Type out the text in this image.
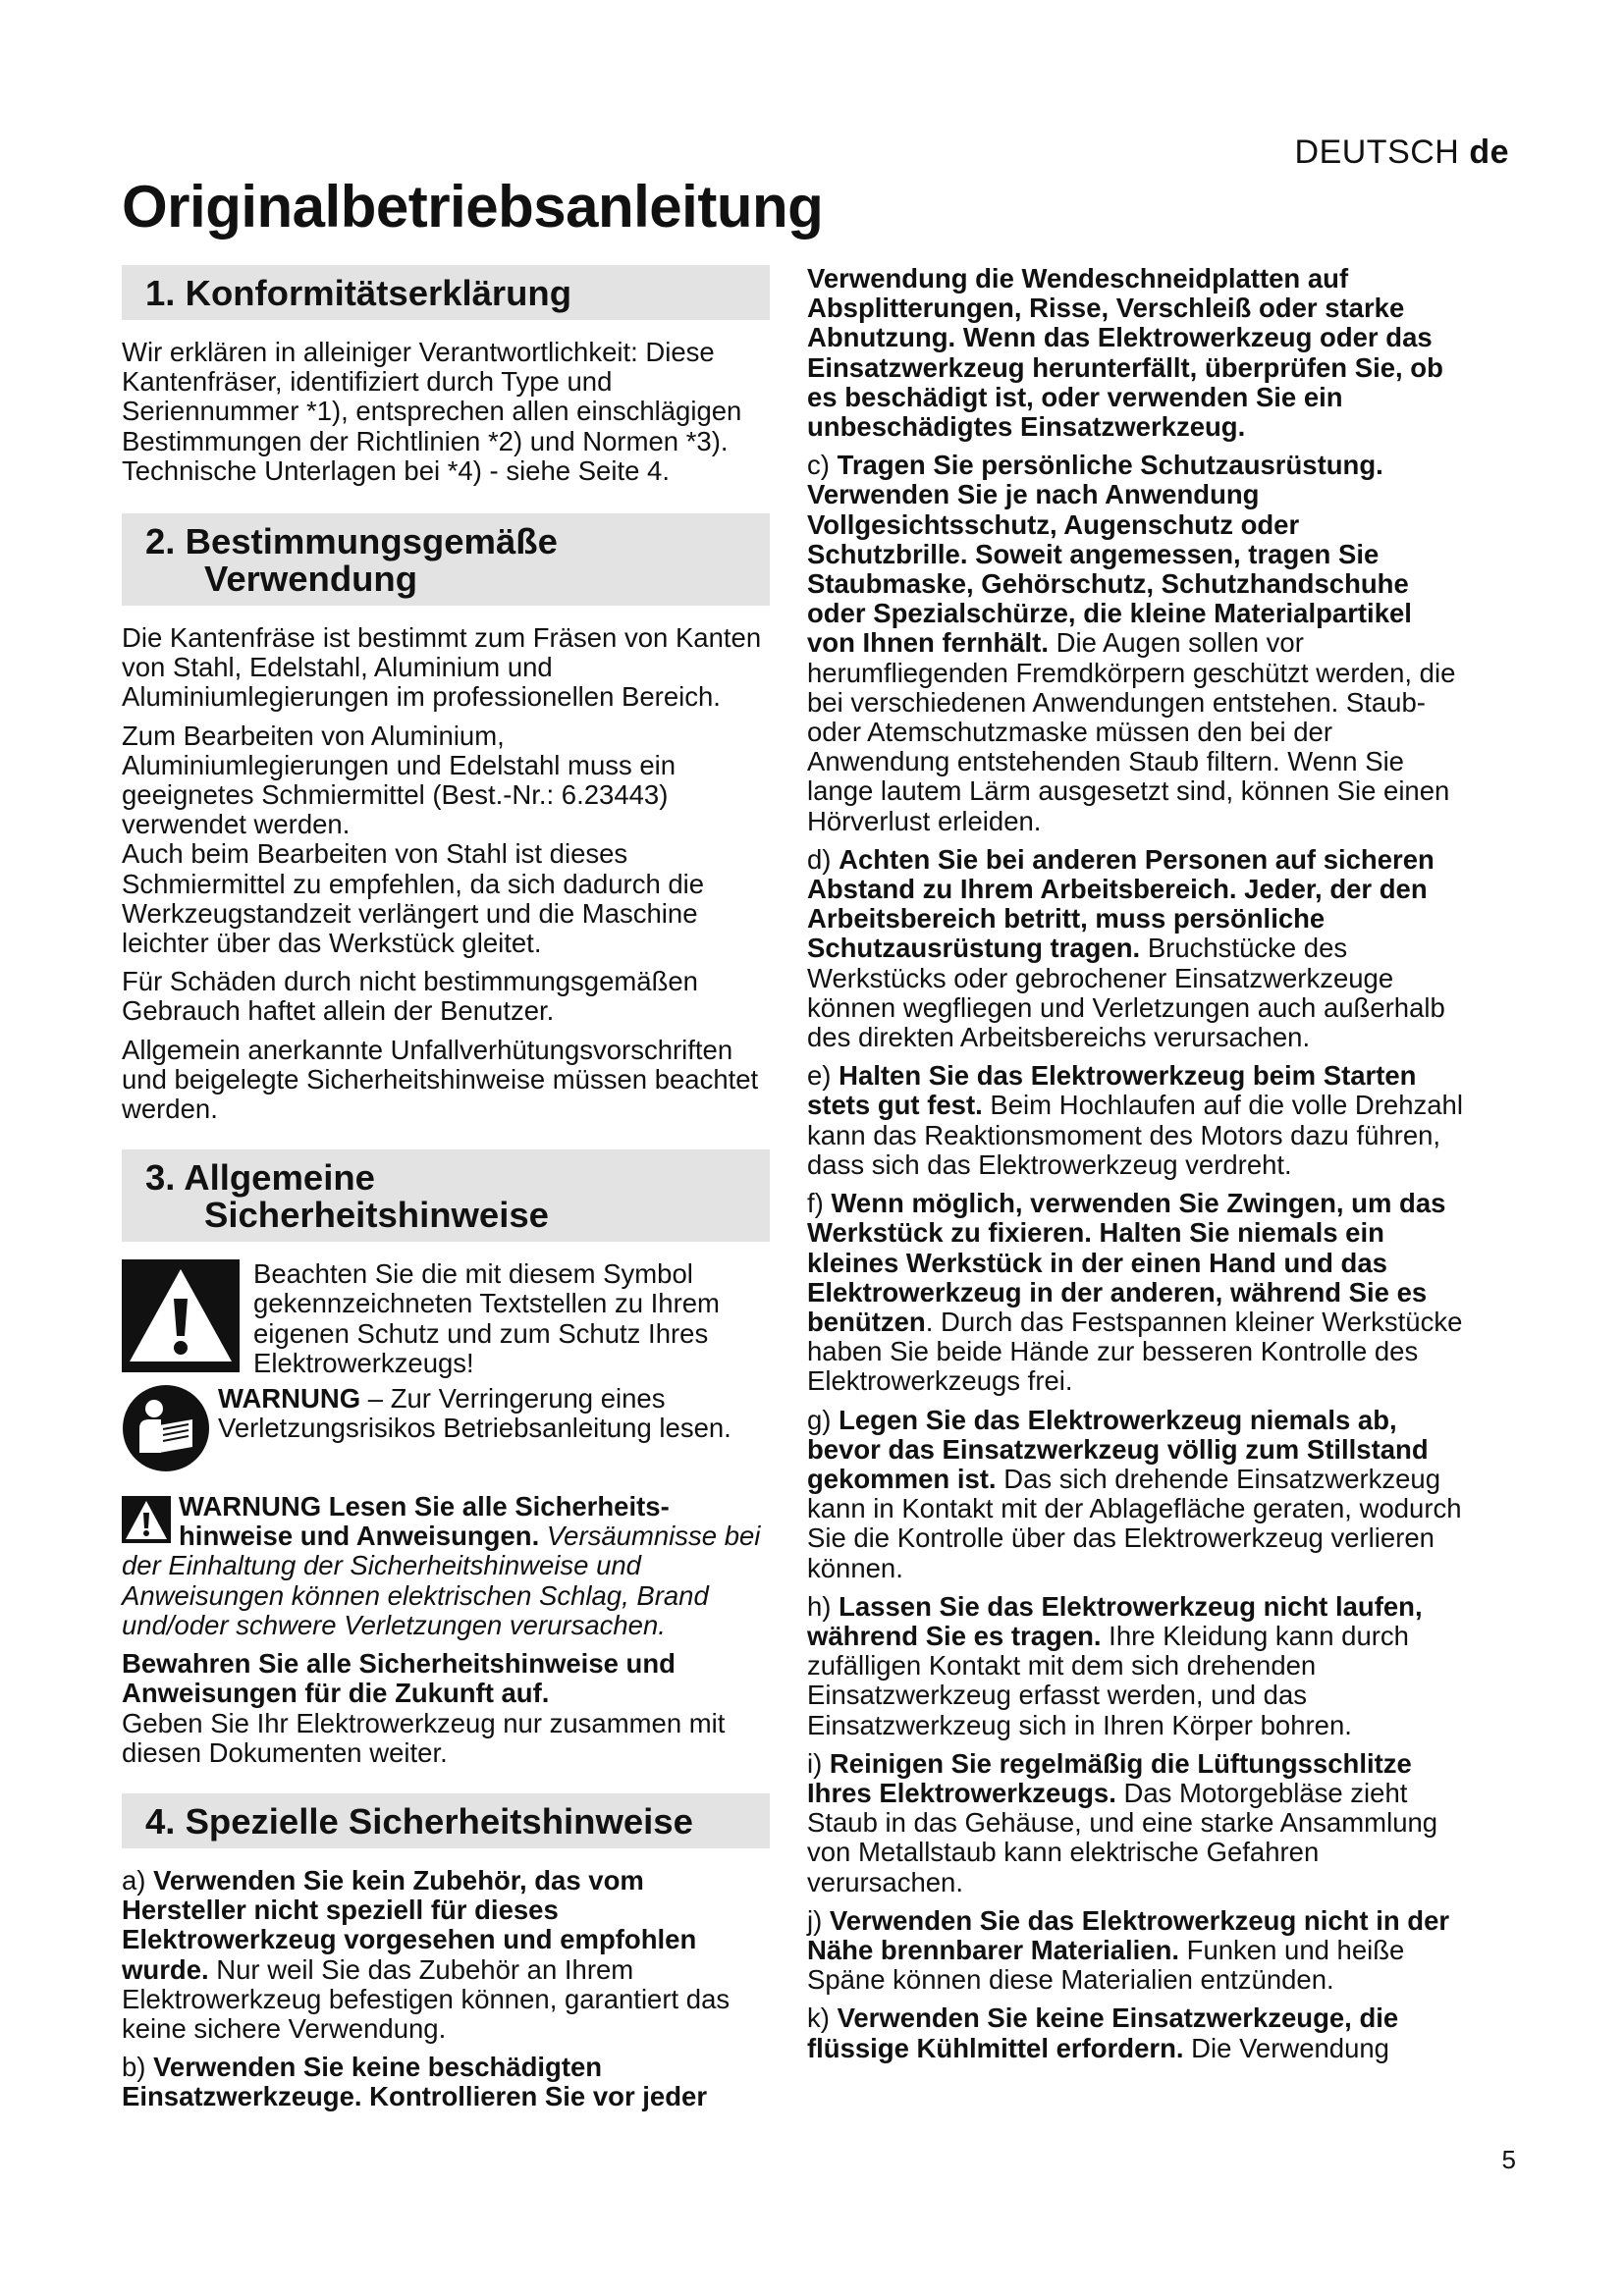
DEUTSCH de
Originalbetriebsanleitung
1. Konformitätserklärung

Wir erklären in alleiniger Verantwortlichkeit: Diese Kantenfräser, identifiziert durch Type und Seriennummer *1), entsprechen allen einschlägigen Bestimmungen der Richtlinien *2) und Normen *3). Technische Unterlagen bei *4) - siehe Seite 4.

2. Bestimmungsgemäße
Verwendung

Die Kantenfräse ist bestimmt zum Fräsen von Kanten von Stahl, Edelstahl, Aluminium und Aluminiumlegierungen im professionellen Bereich.

Zum Bearbeiten von Aluminium, Aluminiumlegierungen und Edelstahl muss ein geeignetes Schmiermittel (Best.-Nr.: 6.23443) verwendet werden.

Auch beim Bearbeiten von Stahl ist dieses Schmiermittel zu empfehlen, da sich dadurch die Werkzeugstandzeit verlängert und die Maschine leichter über das Werkstück gleitet.

Für Schäden durch nicht bestimmungsgemäßen Gebrauch haftet allein der Benutzer.

Allgemein anerkannte Unfallverhütungsvorschriften und beigelegte Sicherheitshinweise müssen beachtet werden.

3. Allgemeine
Sicherheitshinweise
Beachten Sie die mit diesem Symbol gekennzeichneten Textstellen zu Ihrem eigenen Schutz und zum Schutz Ihres Elektrowerkzeugs!
WARNUNG – Zur Verringerung eines Verletzungsrisikos Betriebsanleitung lesen.

WARNUNG Lesen Sie alle Sicherheits-hinweise und Anweisungen. Versäumnisse bei der Einhaltung der Sicherheitshinweise und Anweisungen können elektrischen Schlag, Brand und/oder schwere Verletzungen verursachen.

Bewahren Sie alle Sicherheitshinweise und Anweisungen für die Zukunft auf.

Geben Sie Ihr Elektrowerkzeug nur zusammen mit diesen Dokumenten weiter.

4. Spezielle Sicherheitshinweise

a) Verwenden Sie kein Zubehör, das vom Hersteller nicht speziell für dieses Elektrowerkzeug vorgesehen und empfohlen wurde. Nur weil Sie das Zubehör an Ihrem Elektrowerkzeug befestigen können, garantiert das keine sichere Verwendung.

b) Verwenden Sie keine beschädigten Einsatzwerkzeuge. Kontrollieren Sie vor jeder

Verwendung die Wendeschneidplatten auf Absplitterungen, Risse, Verschleiß oder starke Abnutzung. Wenn das Elektrowerkzeug oder das Einsatzwerkzeug herunterfällt, überprüfen Sie, ob es beschädigt ist, oder verwenden Sie ein unbeschädigtes Einsatzwerkzeug.

c) Tragen Sie persönliche Schutzausrüstung. Verwenden Sie je nach Anwendung Vollgesichtsschutz, Augenschutz oder Schutzbrille. Soweit angemessen, tragen Sie Staubmaske, Gehörschutz, Schutzhandschuhe oder Spezialschürze, die kleine Materialpartikel von Ihnen fernhält. Die Augen sollen vor herumfliegenden Fremdkörpern geschützt werden, die bei verschiedenen Anwendungen entstehen. Staub- oder Atemschutzmaske müssen den bei der Anwendung entstehenden Staub filtern. Wenn Sie lange lautem Lärm ausgesetzt sind, können Sie einen Hörverlust erleiden.

d) Achten Sie bei anderen Personen auf sicheren Abstand zu Ihrem Arbeitsbereich. Jeder, der den Arbeitsbereich betritt, muss persönliche Schutzausrüstung tragen. Bruchstücke des Werkstücks oder gebrochener Einsatzwerkzeuge können wegfliegen und Verletzungen auch außerhalb des direkten Arbeitsbereichs verursachen.

e) Halten Sie das Elektrowerkzeug beim Starten stets gut fest. Beim Hochlaufen auf die volle Drehzahl kann das Reaktionsmoment des Motors dazu führen, dass sich das Elektrowerkzeug verdreht.

f) Wenn möglich, verwenden Sie Zwingen, um das Werkstück zu fixieren. Halten Sie niemals ein kleines Werkstück in der einen Hand und das Elektrowerkzeug in der anderen, während Sie es benützen. Durch das Festspannen kleiner Werkstücke haben Sie beide Hände zur besseren Kontrolle des Elektrowerkzeugs frei.

g) Legen Sie das Elektrowerkzeug niemals ab, bevor das Einsatzwerkzeug völlig zum Stillstand gekommen ist. Das sich drehende Einsatzwerkzeug kann in Kontakt mit der Ablagefläche geraten, wodurch Sie die Kontrolle über das Elektrowerkzeug verlieren können.

h) Lassen Sie das Elektrowerkzeug nicht laufen, während Sie es tragen. Ihre Kleidung kann durch zufälligen Kontakt mit dem sich drehenden Einsatzwerkzeug erfasst werden, und das Einsatzwerkzeug sich in Ihren Körper bohren.

i) Reinigen Sie regelmäßig die Lüftungsschlitze Ihres Elektrowerkzeugs. Das Motorgebläse zieht Staub in das Gehäuse, und eine starke Ansammlung von Metallstaub kann elektrische Gefahren verursachen.

j) Verwenden Sie das Elektrowerkzeug nicht in der Nähe brennbarer Materialien. Funken und heiße Späne können diese Materialien entzünden.

k) Verwenden Sie keine Einsatzwerkzeuge, die flüssige Kühlmittel erfordern. Die Verwendung

5
